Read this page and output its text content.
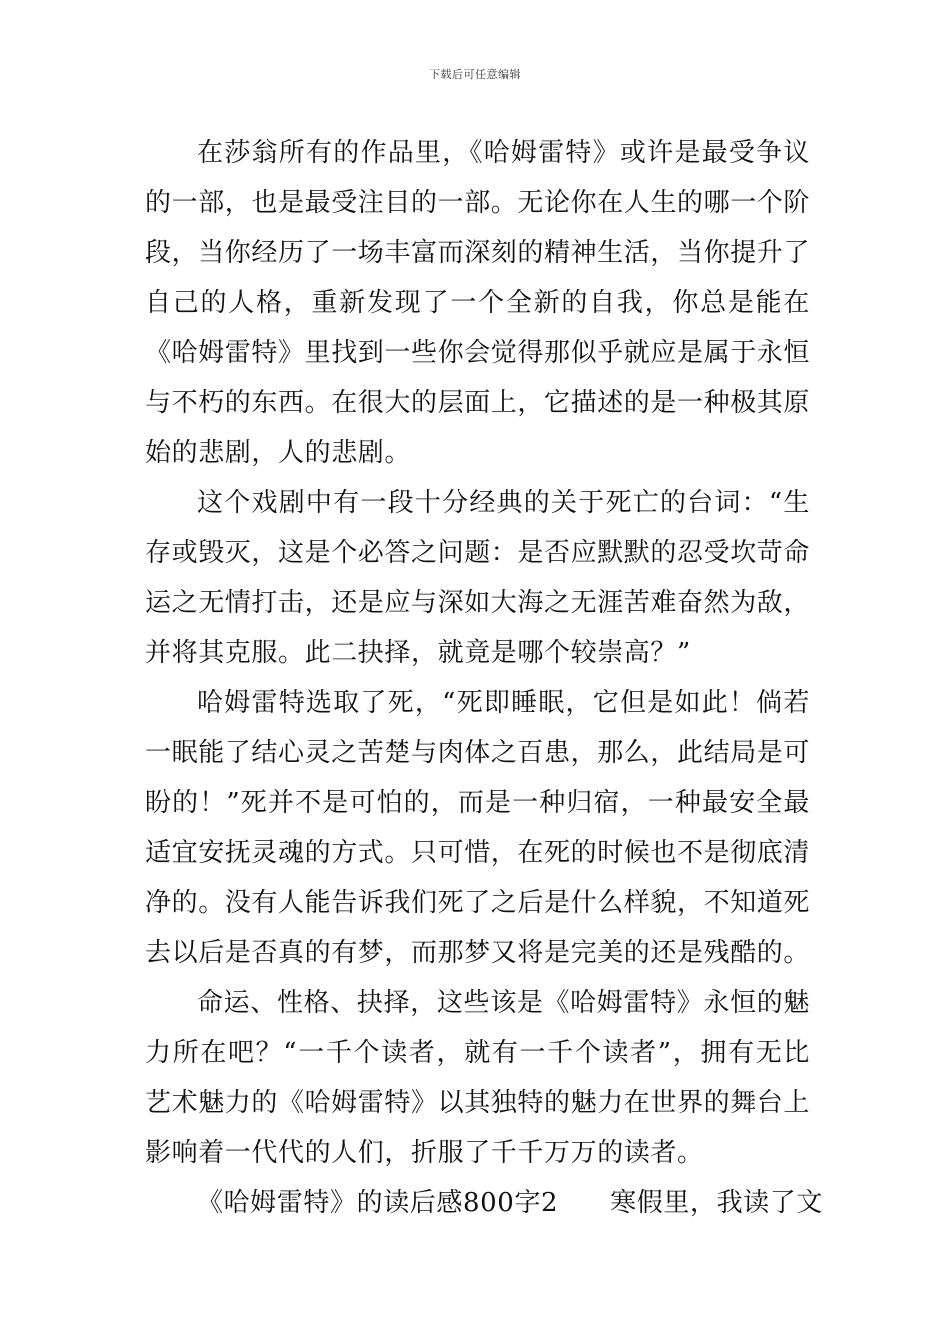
下载后可任意编辑

在莎翁所有的作品里，《哈姆雷特》或许是最受争议的一部，也是最受注目的一部。无论你在人生的哪一个阶段，当你经历了一场丰富而深刻的精神生活，当你提升了自己的人格，重新发现了一个全新的自我，你总是能在《哈姆雷特》里找到一些你会觉得那似乎就应是属于永恒与不朽的东西。在很大的层面上，它描述的是一种极其原始的悲剧，人的悲剧。

这个戏剧中有一段十分经典的关于死亡的台词：“生存或毁灭，这是个必答之问题：是否应默默的忍受坎苛命运之无情打击，还是应与深如大海之无涯苦难奋然为敌，并将其克服。此二抉择，就竟是哪个较崇高？”

哈姆雷特选取了死，“死即睡眠，它但是如此！倘若一眠能了结心灵之苦楚与肉体之百患，那么，此结局是可盼的！”死并不是可怕的，而是一种归宿，一种最安全最适宜安抚灵魂的方式。只可惜，在死的时候也不是彻底清净的。没有人能告诉我们死了之后是什么样貌，不知道死去以后是否真的有梦，而那梦又将是完美的还是残酷的。

命运、性格、抉择，这些该是《哈姆雷特》永恒的魅力所在吧？“一千个读者，就有一千个读者”，拥有无比艺术魅力的《哈姆雷特》以其独特的魅力在世界的舞台上影响着一代代的人们，折服了千千万万的读者。

《哈姆雷特》的读后感800字2 寒假里，我读了文
